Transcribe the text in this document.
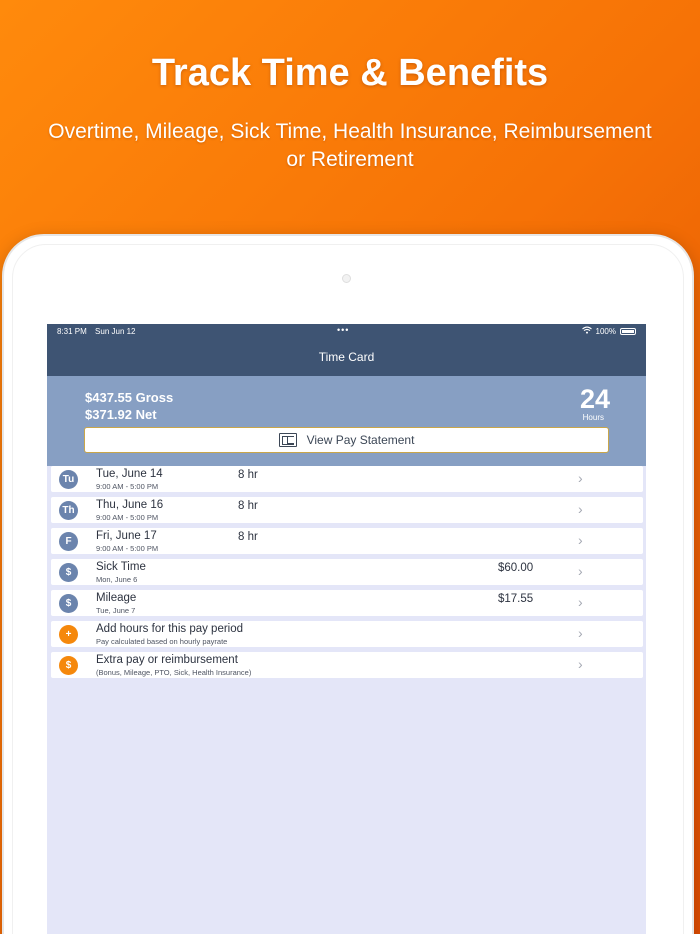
Track Time & Benefits
Overtime, Mileage, Sick Time, Health Insurance, Reimbursement or Retirement
8:31 PM Sun Jun 12	•••	100%
Time Card
$437.55 Gross
$371.92 Net
24
Hours
View Pay Statement
Tu	Tue, June 14
9:00 AM - 5:00 PM
8 hr	›
Th Thu, June 16
9:00 AM - 5:00 PM
8 hr	›
F	Fri, June 17
9:00 AM - 5:00 PM
8 hr	›
$	Sick Time
Mon, June 6
$60.00	›
$	Mileage
Tue, June 7
$17.55	›
+	Add hours for this pay period
Pay calculated based on hourly payrate
›
$	Extra pay or reimbursement
(Bonus, Mileage, PTO, Sick, Health Insurance)
›
